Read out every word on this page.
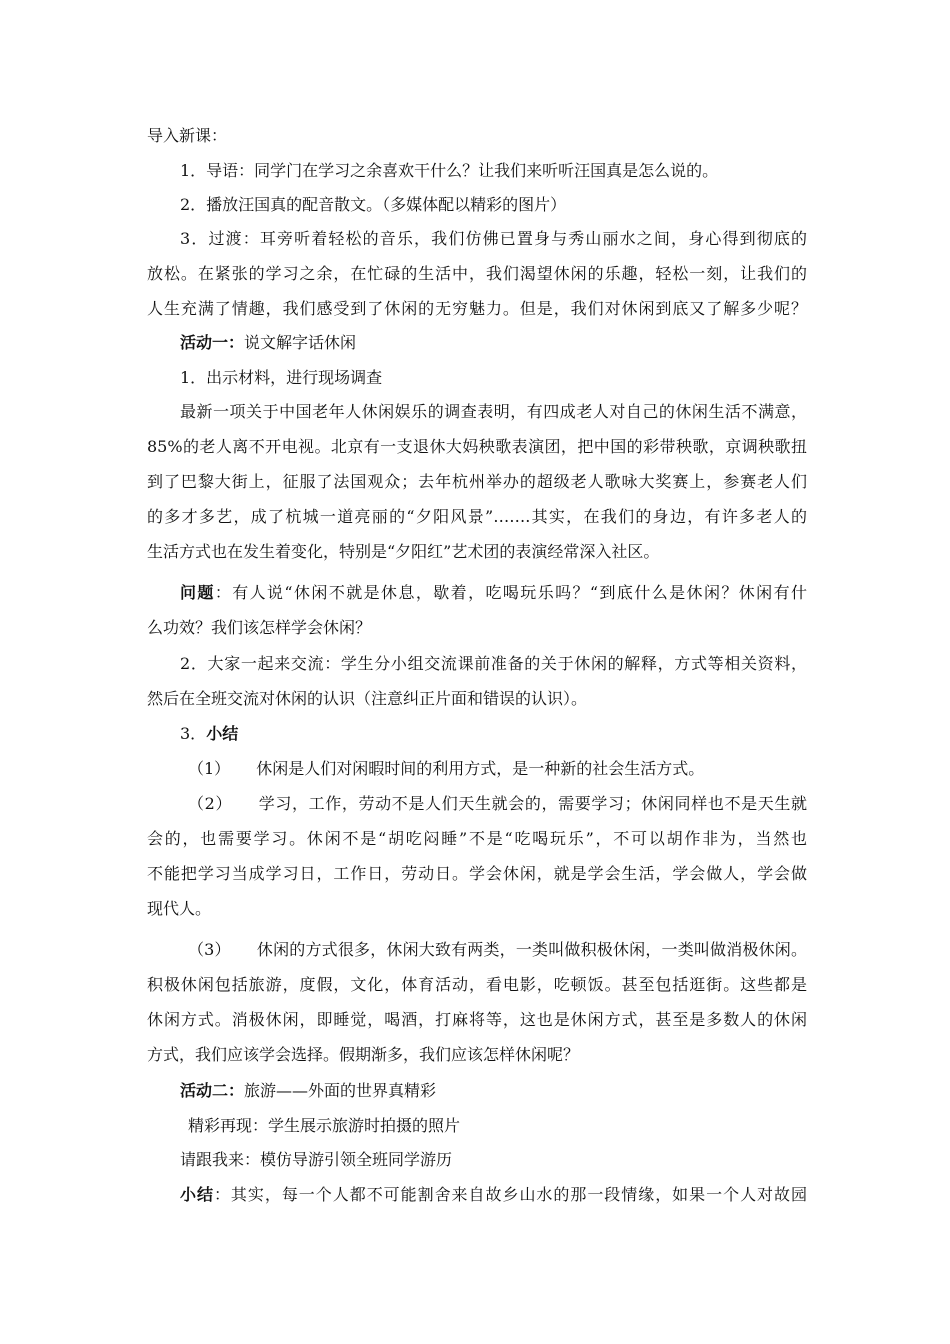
导入新课：
1．导语：同学门在学习之余喜欢干什么？让我们来听听汪国真是怎么说的。
2．播放汪国真的配音散文。（多媒体配以精彩的图片）
3．过渡：耳旁听着轻松的音乐，我们仿佛已置身与秀山丽水之间，身心得到彻底的
放松。在紧张的学习之余，在忙碌的生活中，我们渴望休闲的乐趣，轻松一刻，让我们的
人生充满了情趣，我们感受到了休闲的无穷魅力。但是，我们对休闲到底又了解多少呢？
活动一：说文解字话休闲
1．出示材料，进行现场调查
最新一项关于中国老年人休闲娱乐的调查表明，有四成老人对自己的休闲生活不满意，
85%的老人离不开电视。北京有一支退休大妈秧歌表演团，把中国的彩带秧歌，京调秧歌扭
到了巴黎大街上，征服了法国观众；去年杭州举办的超级老人歌咏大奖赛上，参赛老人们
的多才多艺，成了杭城一道亮丽的“夕阳风景”…….其实，在我们的身边，有许多老人的
生活方式也在发生着变化，特别是“夕阳红”艺术团的表演经常深入社区。
问题：有人说“休闲不就是休息，歇着，吃喝玩乐吗？“到底什么是休闲？休闲有什
么功效？我们该怎样学会休闲？
2．大家一起来交流：学生分小组交流课前准备的关于休闲的解释，方式等相关资料，
然后在全班交流对休闲的认识（注意纠正片面和错误的认识）。
3．小结
（1） 休闲是人们对闲暇时间的利用方式，是一种新的社会生活方式。
（2） 学习，工作，劳动不是人们天生就会的，需要学习；休闲同样也不是天生就
会的，也需要学习。休闲不是“胡吃闷睡”不是“吃喝玩乐”，不可以胡作非为，当然也
不能把学习当成学习日，工作日，劳动日。学会休闲，就是学会生活，学会做人，学会做
现代人。
（3） 休闲的方式很多，休闲大致有两类，一类叫做积极休闲，一类叫做消极休闲。
积极休闲包括旅游，度假，文化，体育活动，看电影，吃顿饭。甚至包括逛街。这些都是
休闲方式。消极休闲，即睡觉，喝酒，打麻将等，这也是休闲方式，甚至是多数人的休闲
方式，我们应该学会选择。假期渐多，我们应该怎样休闲呢？
活动二：旅游——外面的世界真精彩
精彩再现：学生展示旅游时拍摄的照片
请跟我来：模仿导游引领全班同学游历
小结：其实，每一个人都不可能割舍来自故乡山水的那一段情缘，如果一个人对故园
